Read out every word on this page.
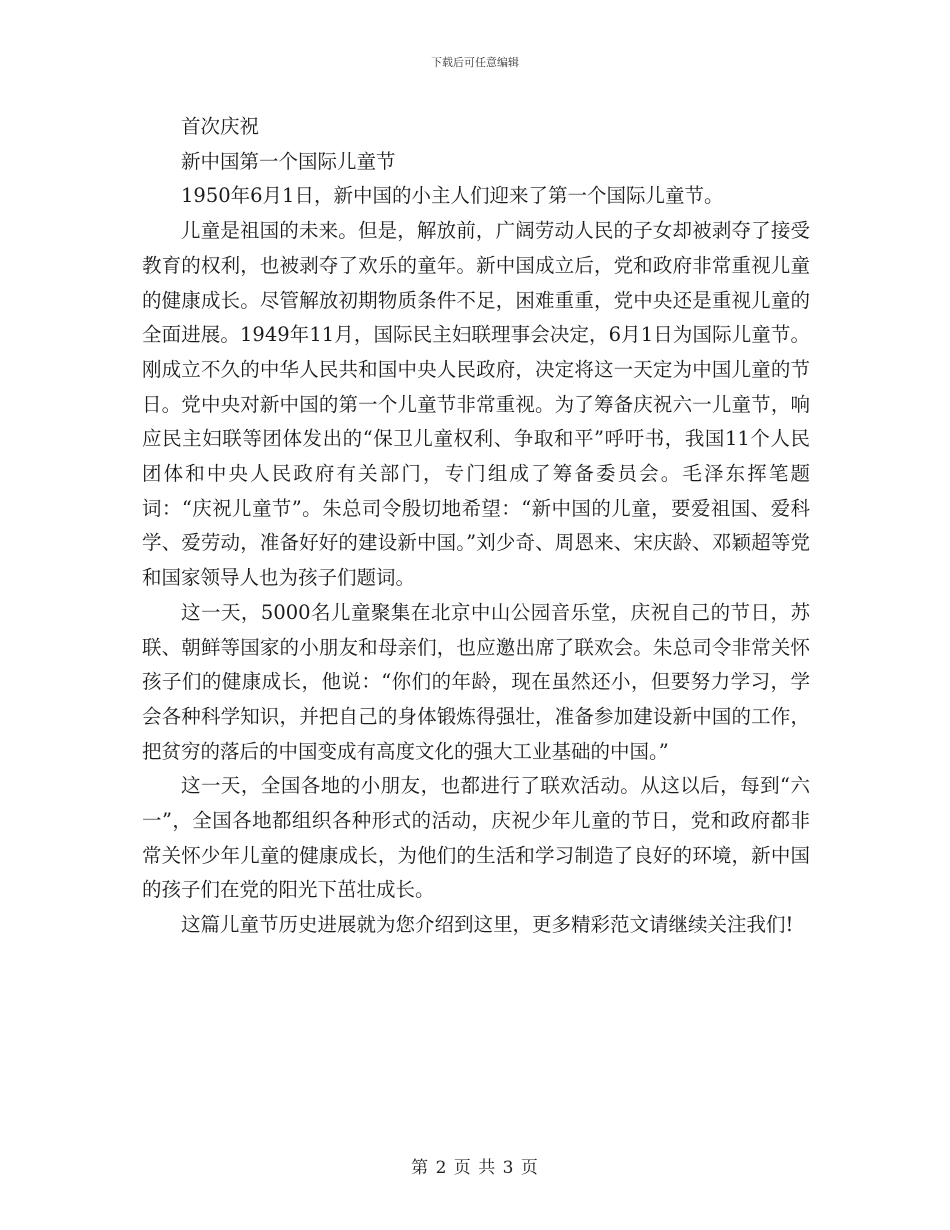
下载后可任意编辑

首次庆祝

新中国第一个国际儿童节

1950年6月1日，新中国的小主人们迎来了第一个国际儿童节。

儿童是祖国的未来。但是，解放前，广阔劳动人民的子女却被剥夺了接受教育的权利，也被剥夺了欢乐的童年。新中国成立后，党和政府非常重视儿童的健康成长。尽管解放初期物质条件不足，困难重重，党中央还是重视儿童的全面进展。1949年11月，国际民主妇联理事会决定，6月1日为国际儿童节。刚成立不久的中华人民共和国中央人民政府，决定将这一天定为中国儿童的节日。党中央对新中国的第一个儿童节非常重视。为了筹备庆祝六一儿童节，响应民主妇联等团体发出的“保卫儿童权利、争取和平”呼吁书，我国11个人民团体和中央人民政府有关部门，专门组成了筹备委员会。毛泽东挥笔题词：“庆祝儿童节”。朱总司令殷切地希望：“新中国的儿童，要爱祖国、爱科学、爱劳动，准备好好的建设新中国。”刘少奇、周恩来、宋庆龄、邓颖超等党和国家领导人也为孩子们题词。

这一天，5000名儿童聚集在北京中山公园音乐堂，庆祝自己的节日，苏联、朝鲜等国家的小朋友和母亲们，也应邀出席了联欢会。朱总司令非常关怀孩子们的健康成长，他说：“你们的年龄，现在虽然还小，但要努力学习，学会各种科学知识，并把自己的身体锻炼得强壮，准备参加建设新中国的工作，把贫穷的落后的中国变成有高度文化的强大工业基础的中国。”

这一天，全国各地的小朋友，也都进行了联欢活动。从这以后，每到“六一”，全国各地都组织各种形式的活动，庆祝少年儿童的节日，党和政府都非常关怀少年儿童的健康成长，为他们的生活和学习制造了良好的环境，新中国的孩子们在党的阳光下茁壮成长。

这篇儿童节历史进展就为您介绍到这里，更多精彩范文请继续关注我们!

第 2 页 共 3 页
